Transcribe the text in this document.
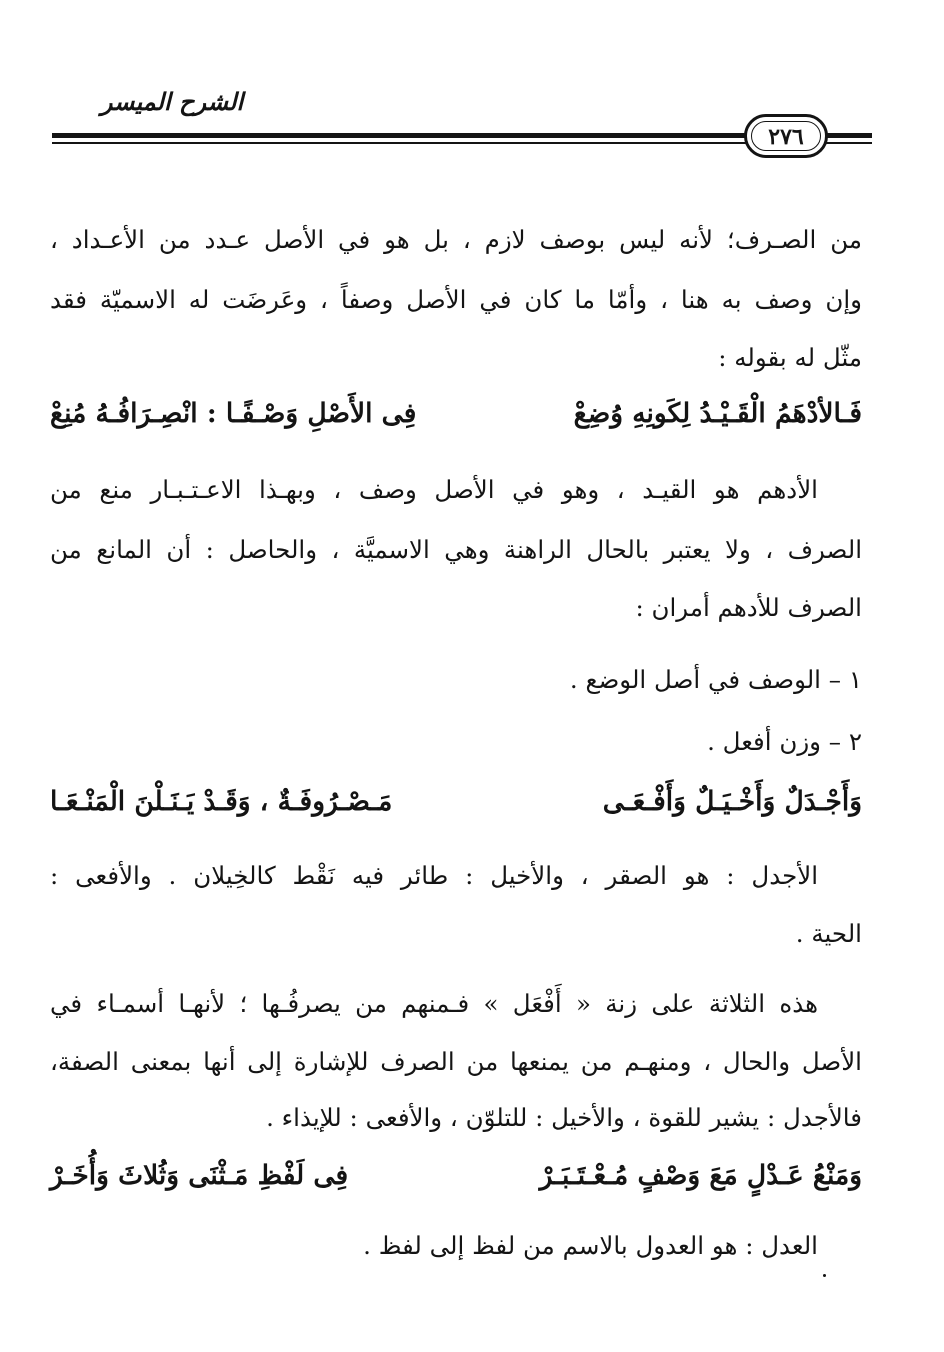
الشرح الميسر
٢٧٦
من الصـرف؛ لأنه ليس بوصف لازم ، بل هو في الأصل عـدد من الأعـداد ،
وإن وصف به هنا ، وأمّا ما كان في الأصل وصفاً ، وعَرضَت له الاسميّة فقد
مثّل له بقوله :
فَـالأدْهَمُ الْقَـيْـدُ لِكَونِهِ وُضِعْ
فِى الأَصْلِ وَصْـفًـا : انْصِـرَافُـهُ مُنِعْ
الأدهم هو القيـد ، وهو في الأصل وصف ، وبهـذا الاعـتـبـار منع من
الصرف ، ولا يعتبر بالحال الراهنة وهي الاسميَّة ، والحاصل : أن المانع من
الصرف للأدهم أمران :
١ – الوصف في أصل الوضع .
٢ – وزن أفعل .
وَأَجْـدَلٌ وَأَخْـيَـلٌ وَأَفْـعَـى
مَـصْـرُوفَـةٌ ، وَقَـدْ يَـنَـلْنَ الْمَنْـعَـا
الأجدل : هو الصقر ، والأخيل : طائر فيه نَقْط كالخِيلان . والأفعى :
الحية .
هذه الثلاثة على زنة « أَفْعَل » فـمنهم من يصرفُـها ؛ لأنهـا أسمـاء في
الأصل والحال ، ومنهـم من يمنعها من الصرف للإشارة إلى أنها بمعنى الصفة،
فالأجدل : يشير للقوة ، والأخيل : للتلوّن ، والأفعى : للإيذاء .
وَمَنْعُ عَـدْلٍ مَعَ وَصْفٍ مُـعْـتَـبَـرْ
فِى لَفْظِ مَـثْنَى وَثُلاثَ وَأُخَـرْ
العدل : هو العدول بالاسم من لفظ إلى لفظ .
